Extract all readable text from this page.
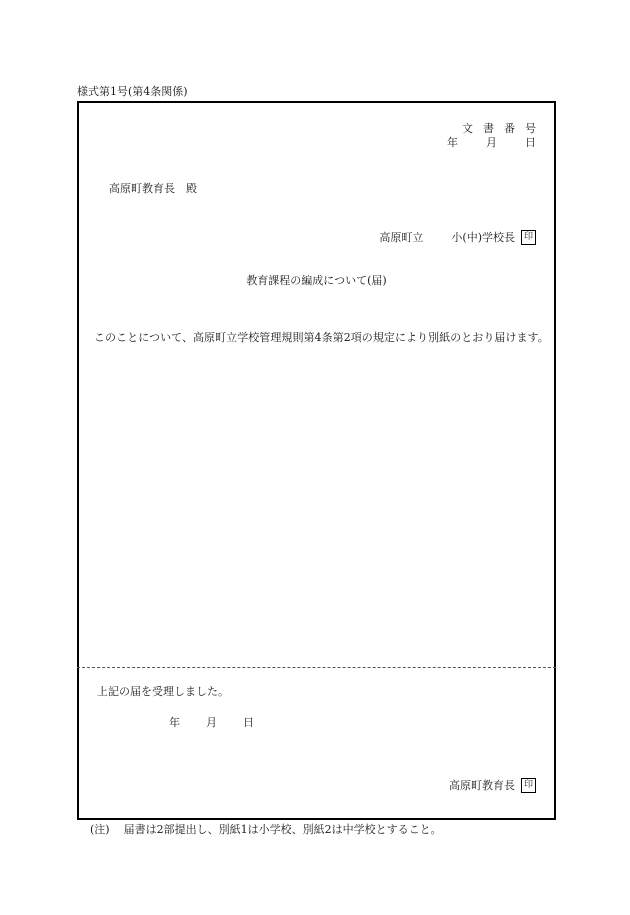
様式第1号(第4条関係)
文書番号
年	月	日
高原町教育長　殿
高原町立	小(中)学校長 印
教育課程の編成について(届)
このことについて、高原町立学校管理規則第4条第2項の規定により別紙のとおり届けます。
上記の届を受理しました。
年 月 日
高原町教育長 印
(注) 届書は2部提出し、別紙1は小学校、別紙2は中学校とすること。
